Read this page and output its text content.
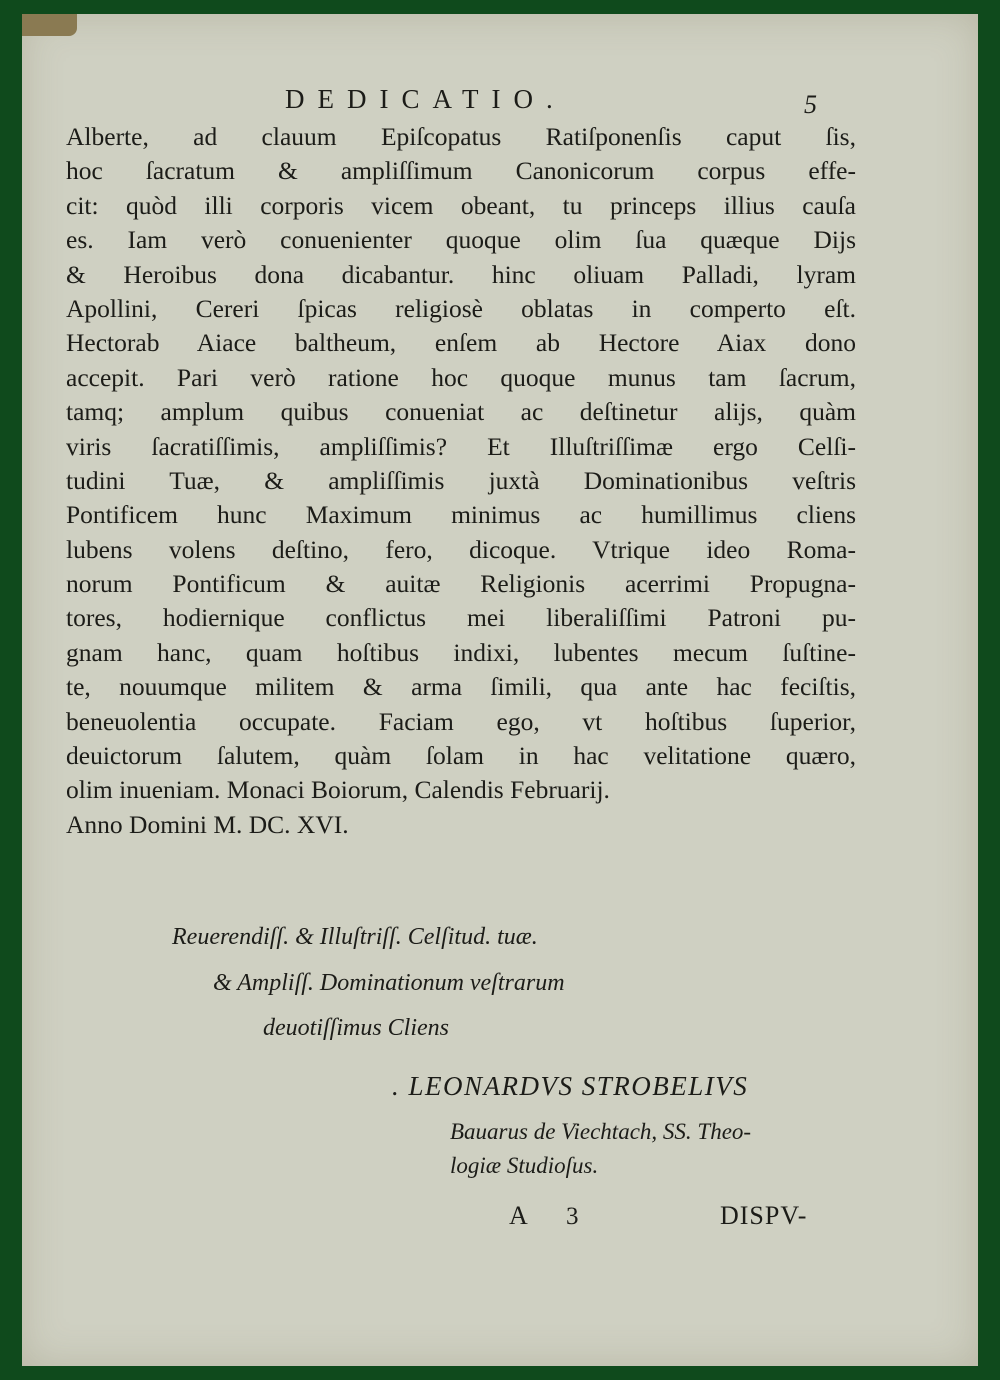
DEDICATIO.	5
Alberte, ad clauum Epiſcopatus Ratiſponenſis caput ſis,
hoc ſacratum & ampliſſimum Canonicorum corpus effe-
cit: quòd illi corporis vicem obeant, tu princeps illius cauſa
es. Iam verò conuenienter quoque olim ſua quæque Dijs
& Heroibus dona dicabantur. hinc oliuam Palladi, lyram
Apollini, Cereri ſpicas religiosè oblatas in comperto eſt.
Hectorab Aiace baltheum, enſem ab Hectore Aiax dono
accepit. Pari verò ratione hoc quoque munus tam ſacrum,
tamq; amplum quibus conueniat ac deſtinetur alijs, quàm
viris ſacratiſſimis, ampliſſimis? Et Illuſtriſſimæ ergo Celſi-
tudini Tuæ, & ampliſſimis juxtà Dominationibus veſtris
Pontificem hunc Maximum minimus ac humillimus cliens
lubens volens deſtino, fero, dicoque. Vtrique ideo Roma-
norum Pontificum & auitæ Religionis acerrimi Propugna-
tores, hodiernique conflictus mei liberaliſſimi Patroni pu-
gnam hanc, quam hoſtibus indixi, lubentes mecum ſuſtine-
te, nouumque militem & arma ſimili, qua ante hac feciſtis,
beneuolentia occupate. Faciam ego, vt hoſtibus ſuperior,
deuictorum ſalutem, quàm ſolam in hac velitatione quæro,
olim inueniam. Monaci Boiorum, Calendis Februarij.
Anno Domini M. DC. XVI.
Reuerendiſſ. & Illuſtriſſ. Celſitud. tuæ.
& Ampliſſ. Dominationum veſtrarum
deuotiſſimus Cliens
. LEONARDVS STROBELIVS
Bauarus de Viechtach, SS. Theo-
logiæ Studioſus.
A 3	DISPV-
